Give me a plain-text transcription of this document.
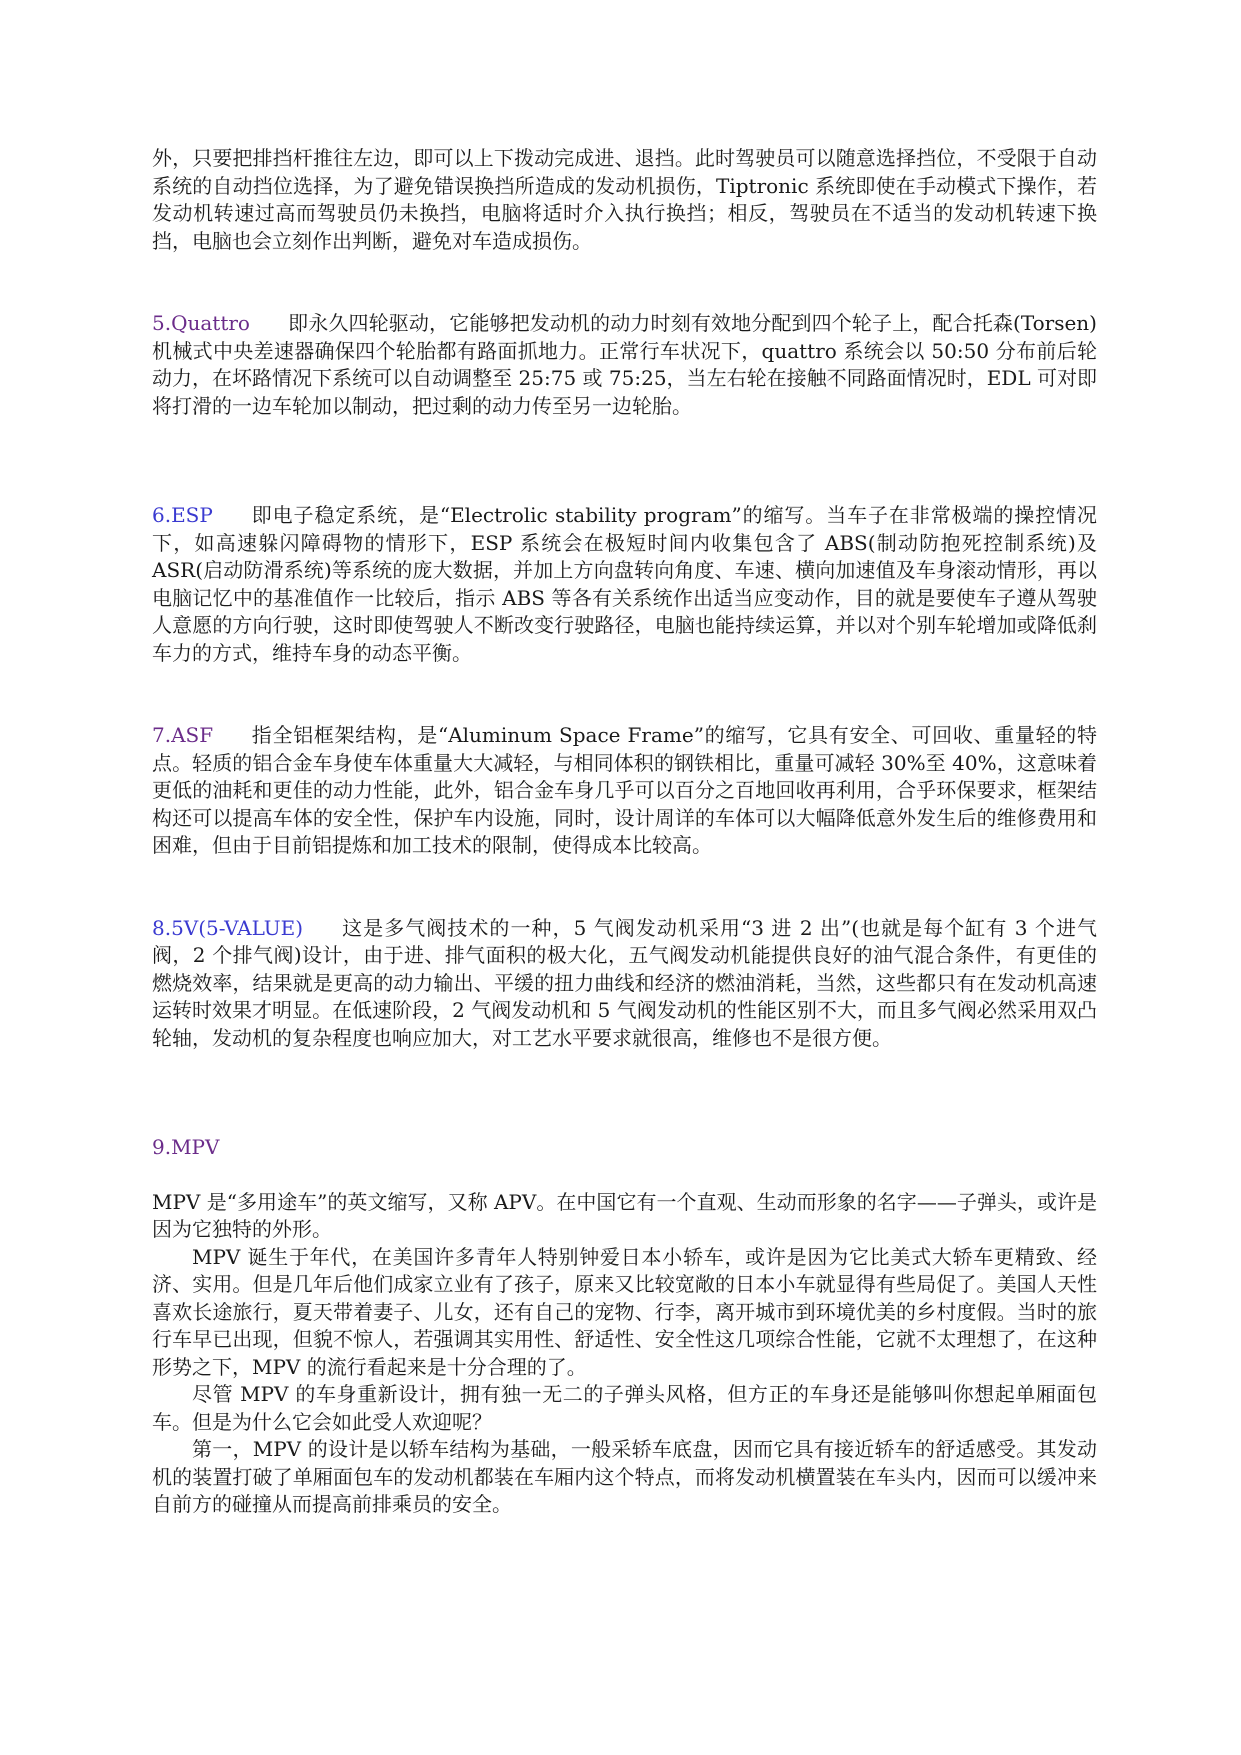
外，只要把排挡杆推往左边，即可以上下拨动完成进、退挡。此时驾驶员可以随意选择挡位，不受限于自动系统的自动挡位选择，为了避免错误换挡所造成的发动机损伤，Tiptronic 系统即使在手动模式下操作，若发动机转速过高而驾驶员仍未换挡，电脑将适时介入执行换挡；相反，驾驶员在不适当的发动机转速下换挡，电脑也会立刻作出判断，避免对车造成损伤。

5.Quattro 即永久四轮驱动，它能够把发动机的动力时刻有效地分配到四个轮子上，配合托森(Torsen)机械式中央差速器确保四个轮胎都有路面抓地力。正常行车状况下，quattro 系统会以 50:50 分布前后轮动力，在坏路情况下系统可以自动调整至 25:75 或 75:25，当左右轮在接触不同路面情况时，EDL 可对即将打滑的一边车轮加以制动，把过剩的动力传至另一边轮胎。

6.ESP 即电子稳定系统，是“Electrolic stability program”的缩写。当车子在非常极端的操控情况下，如高速躲闪障碍物的情形下，ESP 系统会在极短时间内收集包含了 ABS(制动防抱死控制系统)及 ASR(启动防滑系统)等系统的庞大数据，并加上方向盘转向角度、车速、横向加速值及车身滚动情形，再以电脑记忆中的基准值作一比较后，指示 ABS 等各有关系统作出适当应变动作，目的就是要使车子遵从驾驶人意愿的方向行驶，这时即使驾驶人不断改变行驶路径，电脑也能持续运算，并以对个别车轮增加或降低刹车力的方式，维持车身的动态平衡。

7.ASF 指全铝框架结构，是“Aluminum Space Frame”的缩写，它具有安全、可回收、重量轻的特点。轻质的铝合金车身使车体重量大大减轻，与相同体积的钢铁相比，重量可减轻 30%至 40%，这意味着更低的油耗和更佳的动力性能，此外，铝合金车身几乎可以百分之百地回收再利用，合乎环保要求，框架结构还可以提高车体的安全性，保护车内设施，同时，设计周详的车体可以大幅降低意外发生后的维修费用和困难，但由于目前铝提炼和加工技术的限制，使得成本比较高。

8.5V(5-VALUE) 这是多气阀技术的一种，5 气阀发动机采用“3 进 2 出”(也就是每个缸有 3 个进气阀，2 个排气阀)设计，由于进、排气面积的极大化，五气阀发动机能提供良好的油气混合条件，有更佳的燃烧效率，结果就是更高的动力输出、平缓的扭力曲线和经济的燃油消耗，当然，这些都只有在发动机高速运转时效果才明显。在低速阶段，2 气阀发动机和 5 气阀发动机的性能区别不大，而且多气阀必然采用双凸轮轴，发动机的复杂程度也响应加大，对工艺水平要求就很高，维修也不是很方便。

9.MPV

MPV 是“多用途车”的英文缩写，又称 APV。在中国它有一个直观、生动而形象的名字——子弹头，或许是因为它独特的外形。

MPV 诞生于年代，在美国许多青年人特别钟爱日本小轿车，或许是因为它比美式大轿车更精致、经济、实用。但是几年后他们成家立业有了孩子，原来又比较宽敞的日本小车就显得有些局促了。美国人天性喜欢长途旅行，夏天带着妻子、儿女，还有自己的宠物、行李，离开城市到环境优美的乡村度假。当时的旅行车早已出现，但貌不惊人，若强调其实用性、舒适性、安全性这几项综合性能，它就不太理想了，在这种形势之下，MPV 的流行看起来是十分合理的了。

尽管 MPV 的车身重新设计，拥有独一无二的子弹头风格，但方正的车身还是能够叫你想起单厢面包车。但是为什么它会如此受人欢迎呢？

第一，MPV 的设计是以轿车结构为基础，一般采轿车底盘，因而它具有接近轿车的舒适感受。其发动机的装置打破了单厢面包车的发动机都装在车厢内这个特点，而将发动机横置装在车头内，因而可以缓冲来自前方的碰撞从而提高前排乘员的安全。
